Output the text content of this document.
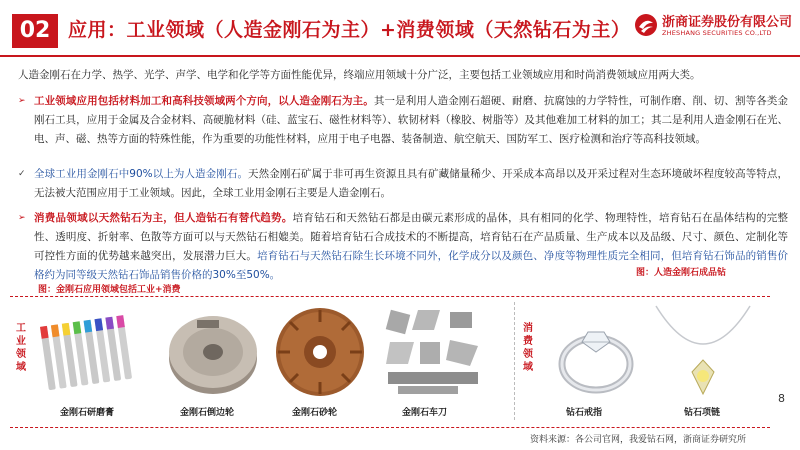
02 应用：工业领域（人造金刚石为主）+消费领域（天然钻石为主） 浙商证券股份有限公司
ZHESHANG SECURITIES CO.,LTD
人造金刚石在力学、热学、光学、声学、电学和化学等方面性能优异，终端应用领域十分广泛，主要包括工业领域应用和时尚消费领域应用两大类。
➢ 工业领域应用包括材料加工和高科技领域两个方向，以人造金刚石为主。其一是利用人造金刚石超硬、耐磨、抗腐蚀的力学特性，可制作磨、削、切、割等各类金刚石工具，应用于金属及合金材料、高硬脆材料（硅、蓝宝石、磁性材料等）、软韧材料（橡胶、树脂等）及其他难加工材料的加工；其二是利用人造金刚石在光、电、声、磁、热等方面的特殊性能，作为重要的功能性材料，应用于电子电器、装备制造、航空航天、国防军工、医疗检测和治疗等高科技领域。
✓ 全球工业用金刚石中90%以上为人造金刚石。天然金刚石矿属于非可再生资源且具有矿藏储量稀少、开采成本高昂以及开采过程对生态环境破坏程度较高等特点，无法被大范围应用于工业领域。因此，全球工业用金刚石主要是人造金刚石。
➢ 消费品领域以天然钻石为主，但人造钻石有替代趋势。培育钻石和天然钻石都是由碳元素形成的晶体，具有相同的化学、物理特性，培育钻石在晶体结构的完整性、透明度、折射率、色散等方面可以与天然钻石相媲美。随着培育钻石合成技术的不断提高，培育钻石在产品质量、生产成本以及品级、尺寸、颜色、定制化等可控性方面的优势越来越突出，发展潜力巨大。培育钻石与天然钻石除生长环境不同外，化学成分以及颜色、净度等物理性质完全相同，但培育钻石饰品的销售价格约为同等级天然钻石饰品销售价格的30%至50%。	图：人造金刚石成品钻
图：金刚石应用领域包括工业+消费
工业领域
消费领域
金刚石研磨膏	金刚石倒边轮	金刚石砂轮	金刚石车刀	钻石戒指	钻石项链
8
资料来源：各公司官网，我爱钻石网，浙商证券研究所
